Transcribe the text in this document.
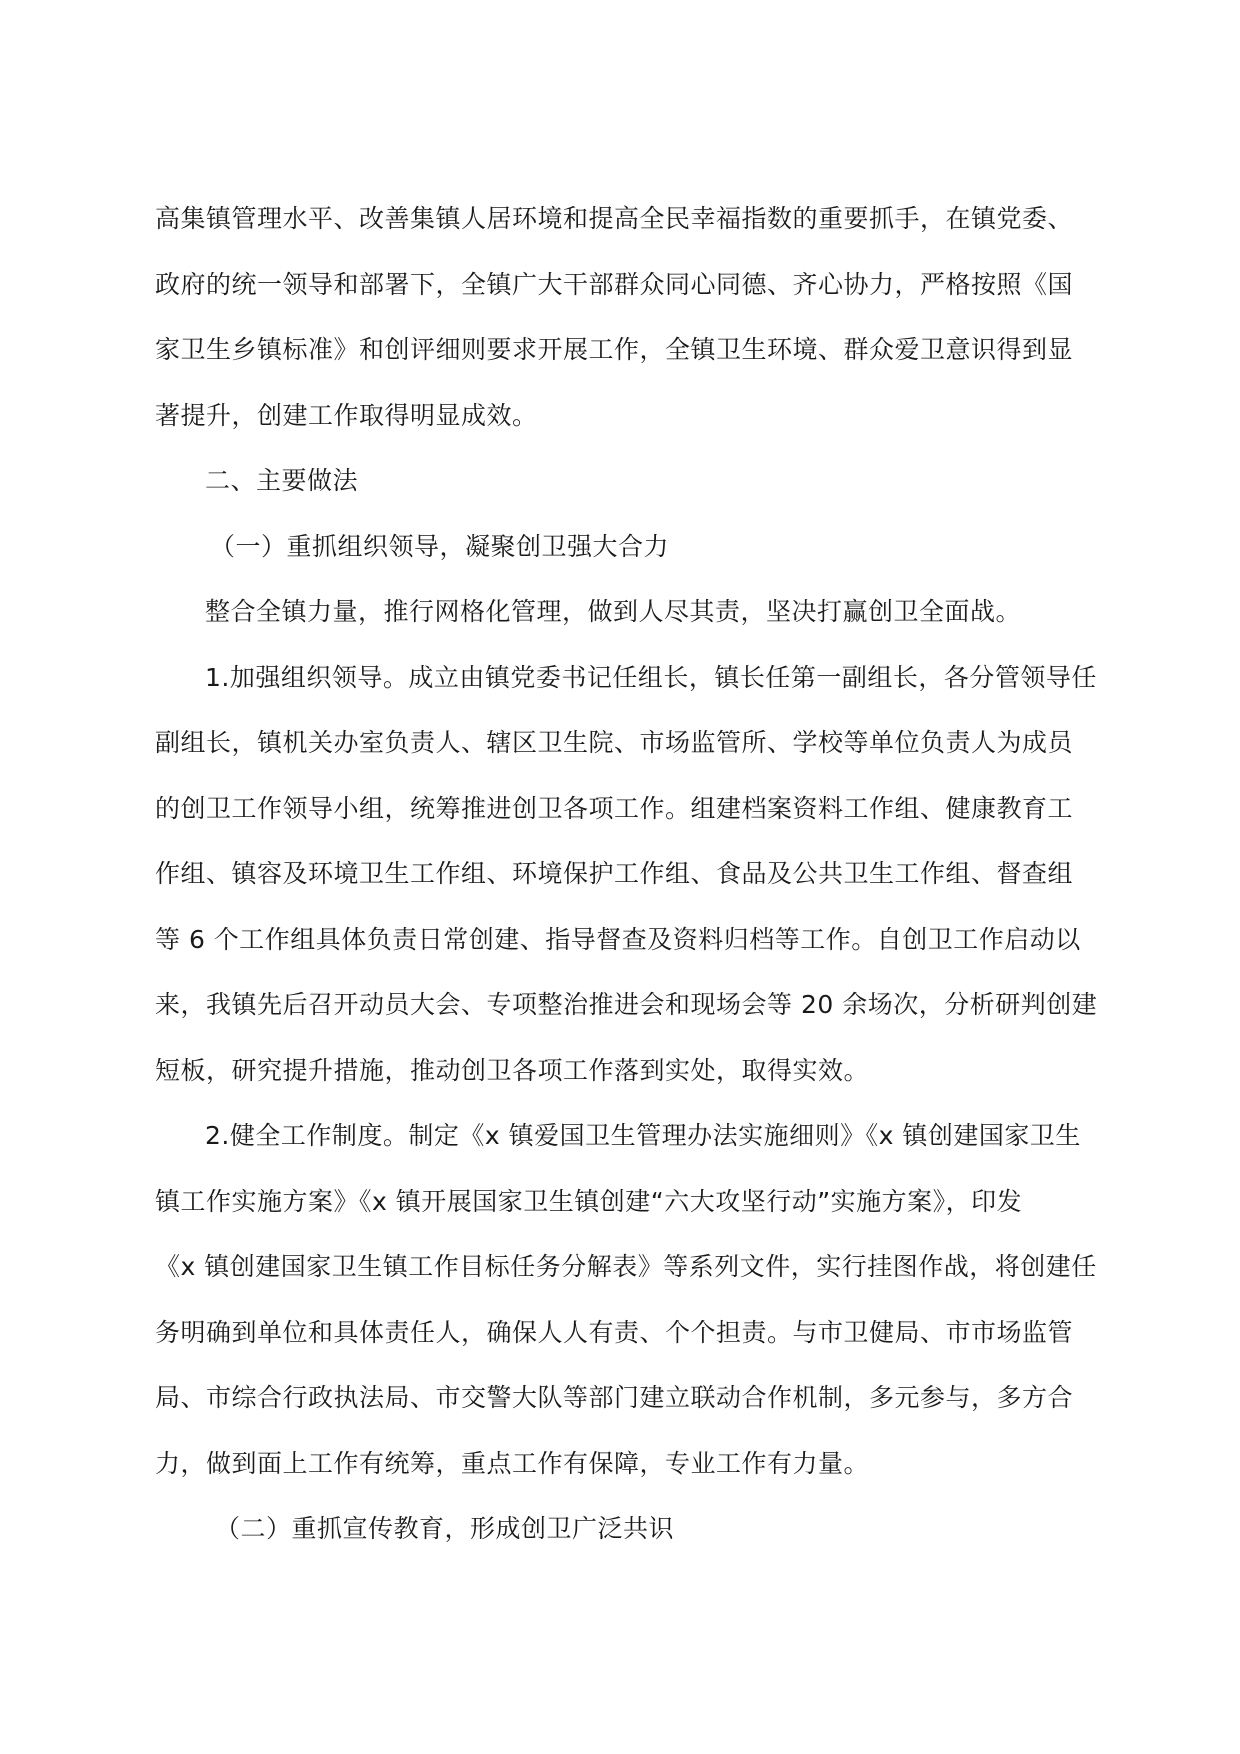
高集镇管理水平、改善集镇人居环境和提高全民幸福指数的重要抓手，在镇党委、
政府的统一领导和部署下，全镇广大干部群众同心同德、齐心协力，严格按照《国
家卫生乡镇标准》和创评细则要求开展工作，全镇卫生环境、群众爱卫意识得到显
著提升，创建工作取得明显成效。
二、主要做法
（一）重抓组织领导，凝聚创卫强大合力
整合全镇力量，推行网格化管理，做到人尽其责，坚决打赢创卫全面战。
1.加强组织领导。成立由镇党委书记任组长，镇长任第一副组长，各分管领导任
副组长，镇机关办室负责人、辖区卫生院、市场监管所、学校等单位负责人为成员
的创卫工作领导小组，统筹推进创卫各项工作。组建档案资料工作组、健康教育工
作组、镇容及环境卫生工作组、环境保护工作组、食品及公共卫生工作组、督查组
等 6 个工作组具体负责日常创建、指导督查及资料归档等工作。自创卫工作启动以
来，我镇先后召开动员大会、专项整治推进会和现场会等 20 余场次，分析研判创建
短板，研究提升措施，推动创卫各项工作落到实处，取得实效。
2.健全工作制度。制定《x 镇爱国卫生管理办法实施细则》《x 镇创建国家卫生
镇工作实施方案》《x 镇开展国家卫生镇创建“六大攻坚行动”实施方案》，印发
《x 镇创建国家卫生镇工作目标任务分解表》等系列文件，实行挂图作战，将创建任
务明确到单位和具体责任人，确保人人有责、个个担责。与市卫健局、市市场监管
局、市综合行政执法局、市交警大队等部门建立联动合作机制，多元参与，多方合
力，做到面上工作有统筹，重点工作有保障，专业工作有力量。
（二）重抓宣传教育，形成创卫广泛共识
